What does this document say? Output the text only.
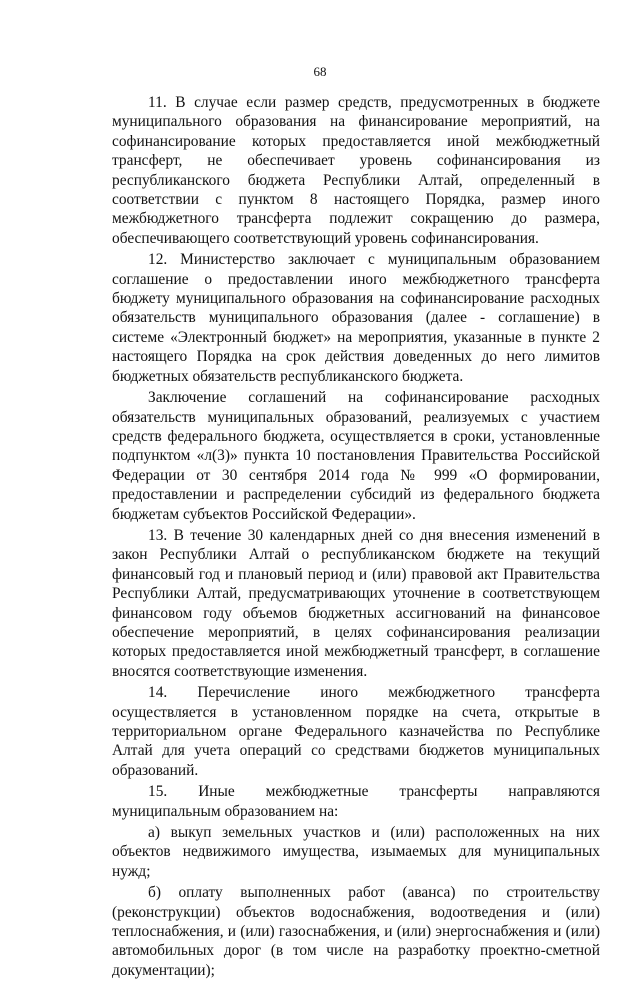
68

11. В случае если размер средств, предусмотренных в бюджете муниципального образования на финансирование мероприятий, на софинансирование которых предоставляется иной межбюджетный трансферт, не обеспечивает уровень софинансирования из республиканского бюджета Республики Алтай, определенный в соответствии с пунктом 8 настоящего Порядка, размер иного межбюджетного трансферта подлежит сокращению до размера, обеспечивающего соответствующий уровень софинансирования.

12. Министерство заключает с муниципальным образованием соглашение о предоставлении иного межбюджетного трансферта бюджету муниципального образования на софинансирование расходных обязательств муниципального образования (далее - соглашение) в системе «Электронный бюджет» на мероприятия, указанные в пункте 2 настоящего Порядка на срок действия доведенных до него лимитов бюджетных обязательств республиканского бюджета.

Заключение соглашений на софинансирование расходных обязательств муниципальных образований, реализуемых с участием средств федерального бюджета, осуществляется в сроки, установленные подпунктом «л(3)» пункта 10 постановления Правительства Российской Федерации от 30 сентября 2014 года № 999 «О формировании, предоставлении и распределении субсидий из федерального бюджета бюджетам субъектов Российской Федерации».

13. В течение 30 календарных дней со дня внесения изменений в закон Республики Алтай о республиканском бюджете на текущий финансовый год и плановый период и (или) правовой акт Правительства Республики Алтай, предусматривающих уточнение в соответствующем финансовом году объемов бюджетных ассигнований на финансовое обеспечение мероприятий, в целях софинансирования реализации которых предоставляется иной межбюджетный трансферт, в соглашение вносятся соответствующие изменения.

14. Перечисление иного межбюджетного трансферта осуществляется в установленном порядке на счета, открытые в территориальном органе Федерального казначейства по Республике Алтай для учета операций со средствами бюджетов муниципальных образований.

15. Иные межбюджетные трансферты направляются муниципальным образованием на:

а) выкуп земельных участков и (или) расположенных на них объектов недвижимого имущества, изымаемых для муниципальных нужд;

б) оплату выполненных работ (аванса) по строительству (реконструкции) объектов водоснабжения, водоотведения и (или) теплоснабжения, и (или) газоснабжения, и (или) энергоснабжения и (или) автомобильных дорог (в том числе на разработку проектно-сметной документации);
